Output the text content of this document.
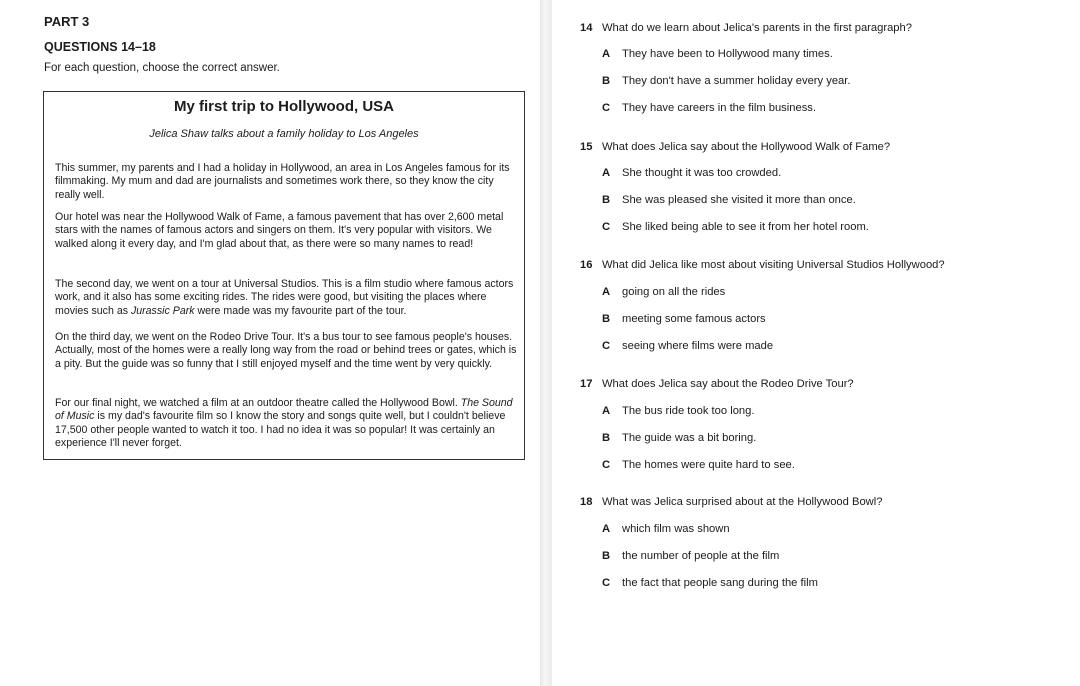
PART 3
QUESTIONS 14–18
For each question, choose the correct answer.
My first trip to Hollywood, USA
Jelica Shaw talks about a family holiday to Los Angeles

This summer, my parents and I had a holiday in Hollywood, an area in Los Angeles famous for its filmmaking. My mum and dad are journalists and sometimes work there, so they know the city really well.

Our hotel was near the Hollywood Walk of Fame, a famous pavement that has over 2,600 metal stars with the names of famous actors and singers on them. It's very popular with visitors. We walked along it every day, and I'm glad about that, as there were so many names to read!

The second day, we went on a tour at Universal Studios. This is a film studio where famous actors work, and it also has some exciting rides. The rides were good, but visiting the places where movies such as Jurassic Park were made was my favourite part of the tour.

On the third day, we went on the Rodeo Drive Tour. It's a bus tour to see famous people's houses. Actually, most of the homes were a really long way from the road or behind trees or gates, which is a pity. But the guide was so funny that I still enjoyed myself and the time went by very quickly.

For our final night, we watched a film at an outdoor theatre called the Hollywood Bowl. The Sound of Music is my dad's favourite film so I know the story and songs quite well, but I couldn't believe 17,500 other people wanted to watch it too. I had no idea it was so popular! It was certainly an experience I'll never forget.

14 What do we learn about Jelica's parents in the first paragraph?
A They have been to Hollywood many times.
B They don't have a summer holiday every year.
C They have careers in the film business.
15 What does Jelica say about the Hollywood Walk of Fame?
A She thought it was too crowded.
B She was pleased she visited it more than once.
C She liked being able to see it from her hotel room.
16 What did Jelica like most about visiting Universal Studios Hollywood?
A going on all the rides
B meeting some famous actors
C seeing where films were made
17 What does Jelica say about the Rodeo Drive Tour?
A The bus ride took too long.
B The guide was a bit boring.
C The homes were quite hard to see.
18 What was Jelica surprised about at the Hollywood Bowl?
A which film was shown
B the number of people at the film
C the fact that people sang during the film
